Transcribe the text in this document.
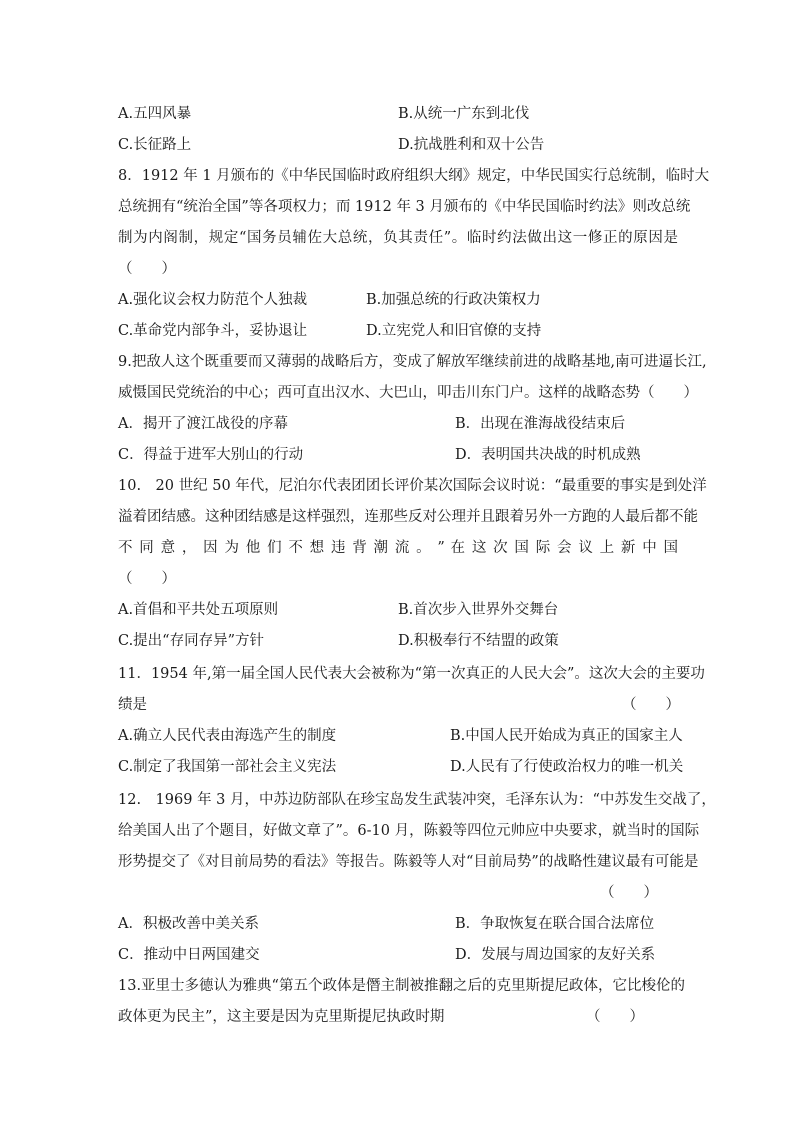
A.五四风暴	B.从统一广东到北伐
C.长征路上	D.抗战胜利和双十公告
8．1912 年 1 月颁布的《中华民国临时政府组织大纲》规定，中华民国实行总统制，临时大
总统拥有“统治全国”等各项权力；而 1912 年 3 月颁布的《中华民国临时约法》则改总统
制为内阁制，规定“国务员辅佐大总统，负其责任”。临时约法做出这一修正的原因是
（　　）
A.强化议会权力防范个人独裁	B.加强总统的行政决策权力
C.革命党内部争斗，妥协退让	D.立宪党人和旧官僚的支持
9.把敌人这个既重要而又薄弱的战略后方，变成了解放军继续前进的战略基地,南可进逼长江,
威慑国民党统治的中心；西可直出汉水、大巴山，叩击川东门户。这样的战略态势（　　）
A．揭开了渡江战役的序幕	B．出现在淮海战役结束后
C．得益于进军大别山的行动	D．表明国共决战的时机成熟
10.　20 世纪 50 年代，尼泊尔代表团团长评价某次国际会议时说：“最重要的事实是到处洋
溢着团结感。这种团结感是这样强烈，连那些反对公理并且跟着另外一方跑的人最后都不能
不 同 意 ， 因 为 他 们 不 想 违 背 潮 流 。 ” 在 这 次 国 际 会 议 上 新 中 国
（　　）
A.首倡和平共处五项原则	B.首次步入世界外交舞台
C.提出“存同存异”方针	D.积极奉行不结盟的政策
11．1954 年,第一届全国人民代表大会被称为“第一次真正的人民大会”。这次大会的主要功
绩是	（　　）
A.确立人民代表由海选产生的制度	B.中国人民开始成为真正的国家主人
C.制定了我国第一部社会主义宪法	D.人民有了行使政治权力的唯一机关
12.　1969 年 3 月，中苏边防部队在珍宝岛发生武装冲突，毛泽东认为：“中苏发生交战了，
给美国人出了个题目，好做文章了”。6-10 月，陈毅等四位元帅应中央要求，就当时的国际
形势提交了《对目前局势的看法》等报告。陈毅等人对“目前局势”的战略性建议最有可能是
（　　）
A．积极改善中美关系	B．争取恢复在联合国合法席位
C．推动中日两国建交	D．发展与周边国家的友好关系
13.亚里士多德认为雅典“第五个政体是僭主制被推翻之后的克里斯提尼政体，它比梭伦的
政体更为民主”，这主要是因为克里斯提尼执政时期	（　　）
